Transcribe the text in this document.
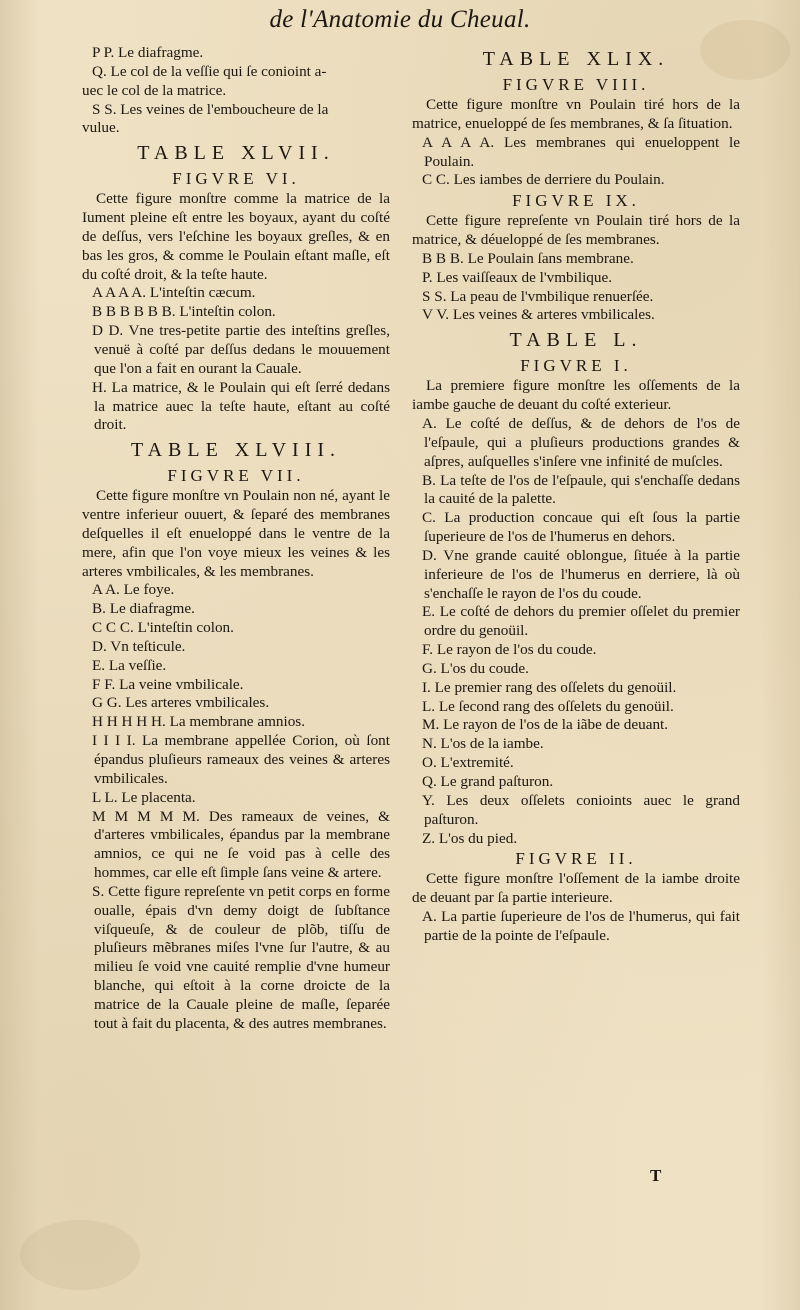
de l'Anatomie du Cheual.

P P. Le diafragme.

Q. Le col de la veſſie qui ſe conioint a-

uec le col de la matrice.

S S. Les veines de l'emboucheure de la

vulue.

TABLE XLVII.
FIGVRE VI.

Cette figure monſtre comme la matrice de la Iument pleine eſt entre les boyaux, ayant du coſté de deſſus, vers l'eſchine les boyaux greſles, & en bas les gros, & comme le Poulain eſtant maſle, eſt du coſté droit, & la teſte haute.

A A A A. L'inteſtin cæcum.

B B B B B B. L'inteſtin colon.

D D. Vne tres-petite partie des inteſtins greſles, venuë à coſté par deſſus dedans le mouuement que l'on a fait en ourant la Cauale.

H. La matrice, & le Poulain qui eſt ſerré dedans la matrice auec la teſte haute, eſtant au coſté droit.

TABLE XLVIII.
FIGVRE VII.

Cette figure monſtre vn Poulain non né, ayant le ventre inferieur ouuert, & ſeparé des membranes deſquelles il eſt enueloppé dans le ventre de la mere, afin que l'on voye mieux les veines & les arteres vmbilicales, & les membranes.

A A. Le foye.

B. Le diafragme.

C C C. L'inteſtin colon.

D. Vn teſticule.

E. La veſſie.

F F. La veine vmbilicale.

G G. Les arteres vmbilicales.

H H H H H. La membrane amnios.

I I I I. La membrane appellée Corion, où ſont épandus pluſieurs rameaux des veines & arteres vmbilicales.

L L. Le placenta.

M M M M M. Des rameaux de veines, & d'arteres vmbilicales, épandus par la membrane amnios, ce qui ne ſe void pas à celle des hommes, car elle eſt ſimple ſans veine & artere.

S. Cette figure repreſente vn petit corps en forme oualle, épais d'vn demy doigt de ſubſtance viſqueuſe, & de couleur de plõb, tiſſu de pluſieurs mẽbranes miſes l'vne ſur l'autre, & au milieu ſe void vne cauité remplie d'vne humeur blanche, qui eſtoit à la corne droicte de la matrice de la Cauale pleine de maſle, ſeparée tout à fait du placenta, & des autres membranes.

TABLE XLIX.
FIGVRE VIII.

Cette figure monſtre vn Poulain tiré hors de la matrice, enueloppé de ſes membranes, & ſa ſituation.

A A A A. Les membranes qui enueloppent le Poulain.

C C. Les iambes de derriere du Poulain.

FIGVRE IX.

Cette figure repreſente vn Poulain tiré hors de la matrice, & déueloppé de ſes membranes.

B B B. Le Poulain ſans membrane.

P. Les vaiſſeaux de l'vmbilique.

S S. La peau de l'vmbilique renuerſée.

V V. Les veines & arteres vmbilicales.

TABLE L.
FIGVRE I.

La premiere figure monſtre les oſſements de la iambe gauche de deuant du coſté exterieur.

A. Le coſté de deſſus, & de dehors de l'os de l'eſpaule, qui a pluſieurs productions grandes & aſpres, auſquelles s'inſere vne infinité de muſcles.

B. La teſte de l'os de l'eſpaule, qui s'enchaſſe dedans la cauité de la palette.

C. La production concaue qui eſt ſous la partie ſuperieure de l'os de l'humerus en dehors.

D. Vne grande cauité oblongue, ſituée à la partie inferieure de l'os de l'humerus en derriere, là où s'enchaſſe le rayon de l'os du coude.

E. Le coſté de dehors du premier oſſelet du premier ordre du genoüil.

F. Le rayon de l'os du coude.

G. L'os du coude.

I. Le premier rang des oſſelets du genoüil.

L. Le ſecond rang des oſſelets du genoüil.

M. Le rayon de l'os de la iãbe de deuant.

N. L'os de la iambe.

O. L'extremité.

Q. Le grand paſturon.

Y. Les deux oſſelets conioints auec le grand paſturon.

Z. L'os du pied.

FIGVRE II.

Cette figure monſtre l'oſſement de la iambe droite de deuant par ſa partie interieure.

A. La partie ſuperieure de l'os de l'humerus, qui fait partie de la pointe de l'eſpaule.

T
